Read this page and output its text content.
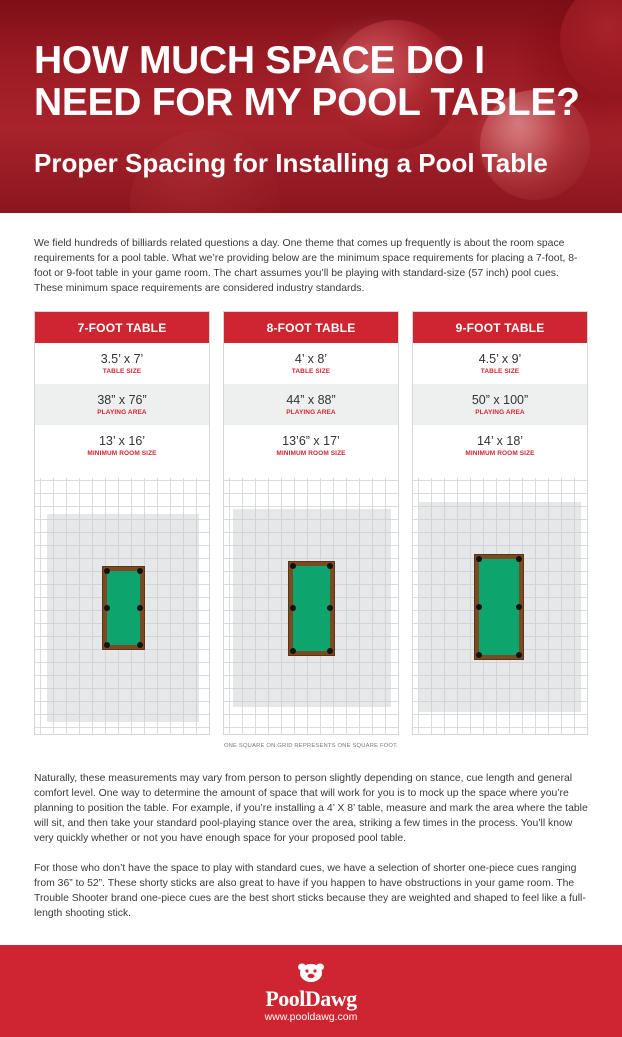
HOW MUCH SPACE DO I NEED FOR MY POOL TABLE?
Proper Spacing for Installing a Pool Table

We field hundreds of billiards related questions a day. One theme that comes up frequently is about the room space requirements for a pool table. What we’re providing below are the minimum space requirements for placing a 7-foot, 8-foot or 9-foot table in your game room. The chart assumes you’ll be playing with standard-size (57 inch) pool cues. These minimum space requirements are considered industry standards.

7-FOOT TABLE
3.5’ x 7’
TABLE SIZE
38” x 76”
PLAYING AREA
13’ x 16’
MINIMUM ROOM SIZE
8-FOOT TABLE
4’ x 8’
TABLE SIZE
44” x 88”
PLAYING AREA
13’6” x 17’
MINIMUM ROOM SIZE
9-FOOT TABLE
4.5’ x 9’
TABLE SIZE
50” x 100”
PLAYING AREA
14’ x 18’
MINIMUM ROOM SIZE
ONE SQUARE ON GRID REPRESENTS ONE SQUARE FOOT.

Naturally, these measurements may vary from person to person slightly depending on stance, cue length and general comfort level. One way to determine the amount of space that will work for you is to mock up the space where you’re planning to position the table. For example, if you’re installing a 4’ X 8’ table, measure and mark the area where the table will sit, and then take your standard pool-playing stance over the area, striking a few times in the process. You’ll know very quickly whether or not you have enough space for your proposed pool table.

For those who don’t have the space to play with standard cues, we have a selection of shorter one-piece cues ranging from 36” to 52”. These shorty sticks are also great to have if you happen to have obstructions in your game room. The Trouble Shooter brand one-piece cues are the best short sticks because they are weighted and shaped to feel like a full-length shooting stick.

PoolDawg
www.pooldawg.com
